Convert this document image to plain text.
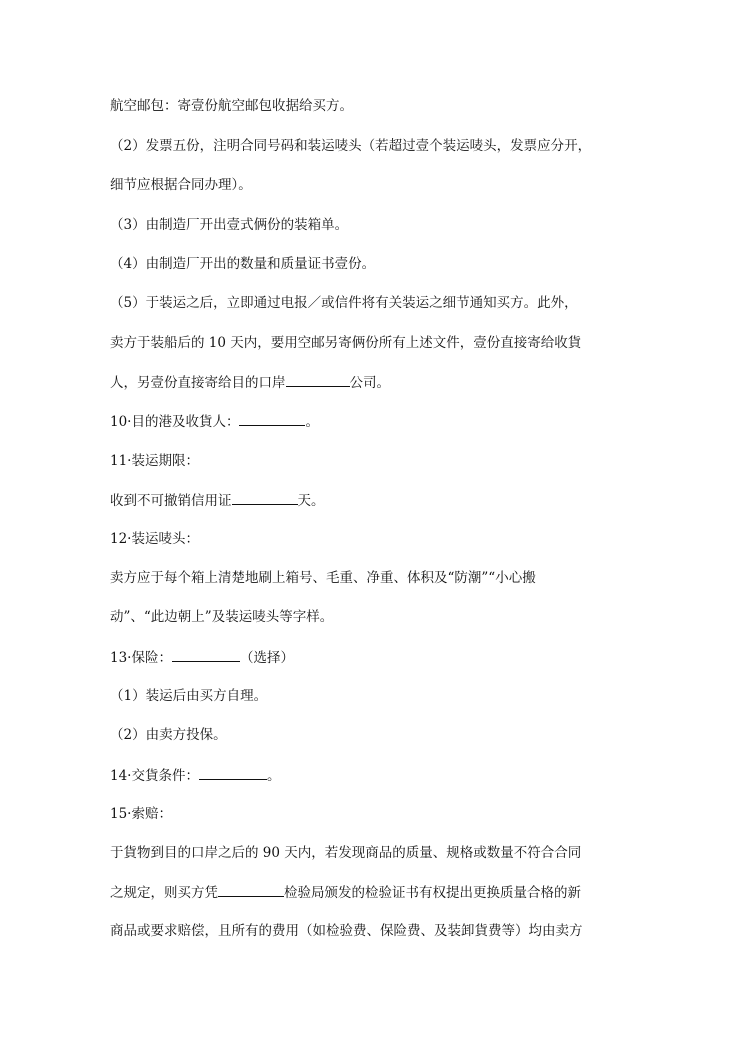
航空邮包：寄壹份航空邮包收据给买方。
（2）发票五份，注明合同号码和装运唛头（若超过壹个装运唛头，发票应分开，
细节应根据合同办理）。
（3）由制造厂开出壹式俩份的装箱单。
（4）由制造厂开出的数量和质量证书壹份。
（5）于装运之后，立即通过电报／或信件将有关装运之细节通知买方。此外，
卖方于装船后的 10 天内，要用空邮另寄俩份所有上述文件，壹份直接寄给收貨
人，另壹份直接寄给目的口岸	公司。
10·目的港及收貨人：	。
11·装运期限：
收到不可撤销信用证	天。
12·装运唛头：
卖方应于每个箱上清楚地刷上箱号、毛重、净重、体积及“防潮”“小心搬
动”、“此边朝上”及装运唛头等字样。
13·保险：	（选择）
（1）装运后由买方自理。
（2）由卖方投保。
14·交貨条件：	。
15·索赔：
于貨物到目的口岸之后的 90 天内，若发现商品的质量、规格或数量不符合合同
之规定，则买方凭	检验局颁发的检验证书有权提出更换质量合格的新
商品或要求赔偿，且所有的费用（如检验费、保险费、及装卸貨费等）均由卖方
